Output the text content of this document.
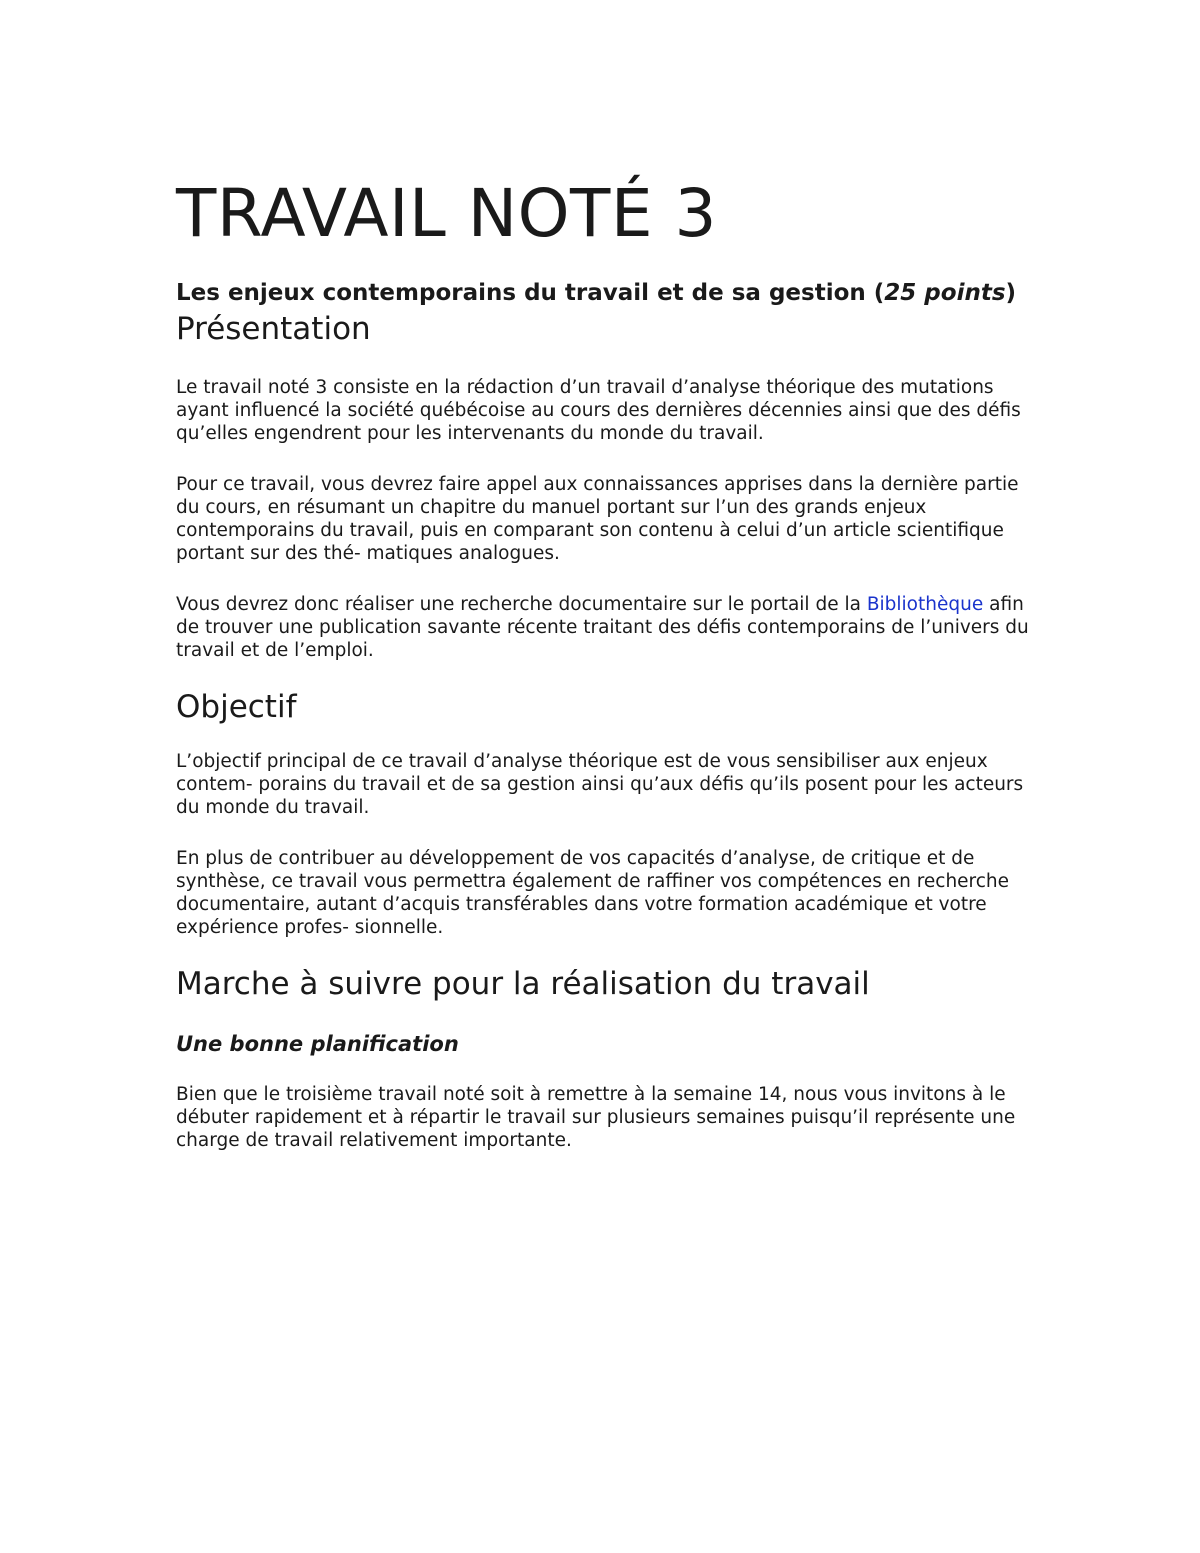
TRAVAIL NOTÉ 3
Les enjeux contemporains du travail et de sa gestion (25 points)
Présentation

Le travail noté 3 consiste en la rédaction d’un travail d’analyse théorique des mutations ayant influencé la société québécoise au cours des dernières décennies ainsi que des défis qu’elles engendrent pour les intervenants du monde du travail.

Pour ce travail, vous devrez faire appel aux connaissances apprises dans la dernière partie du cours, en résumant un chapitre du manuel portant sur l’un des grands enjeux contemporains du travail, puis en comparant son contenu à celui d’un article scientifique portant sur des thé- matiques analogues.

Vous devrez donc réaliser une recherche documentaire sur le portail de la Bibliothèque afin de trouver une publication savante récente traitant des défis contemporains de l’univers du travail et de l’emploi.

Objectif

L’objectif principal de ce travail d’analyse théorique est de vous sensibiliser aux enjeux contem- porains du travail et de sa gestion ainsi qu’aux défis qu’ils posent pour les acteurs du monde du travail.

En plus de contribuer au développement de vos capacités d’analyse, de critique et de synthèse, ce travail vous permettra également de raffiner vos compétences en recherche documentaire, autant d’acquis transférables dans votre formation académique et votre expérience profes- sionnelle.

Marche à suivre pour la réalisation du travail
Une bonne planification

Bien que le troisième travail noté soit à remettre à la semaine 14, nous vous invitons à le débuter rapidement et à répartir le travail sur plusieurs semaines puisqu’il représente une charge de travail relativement importante.
